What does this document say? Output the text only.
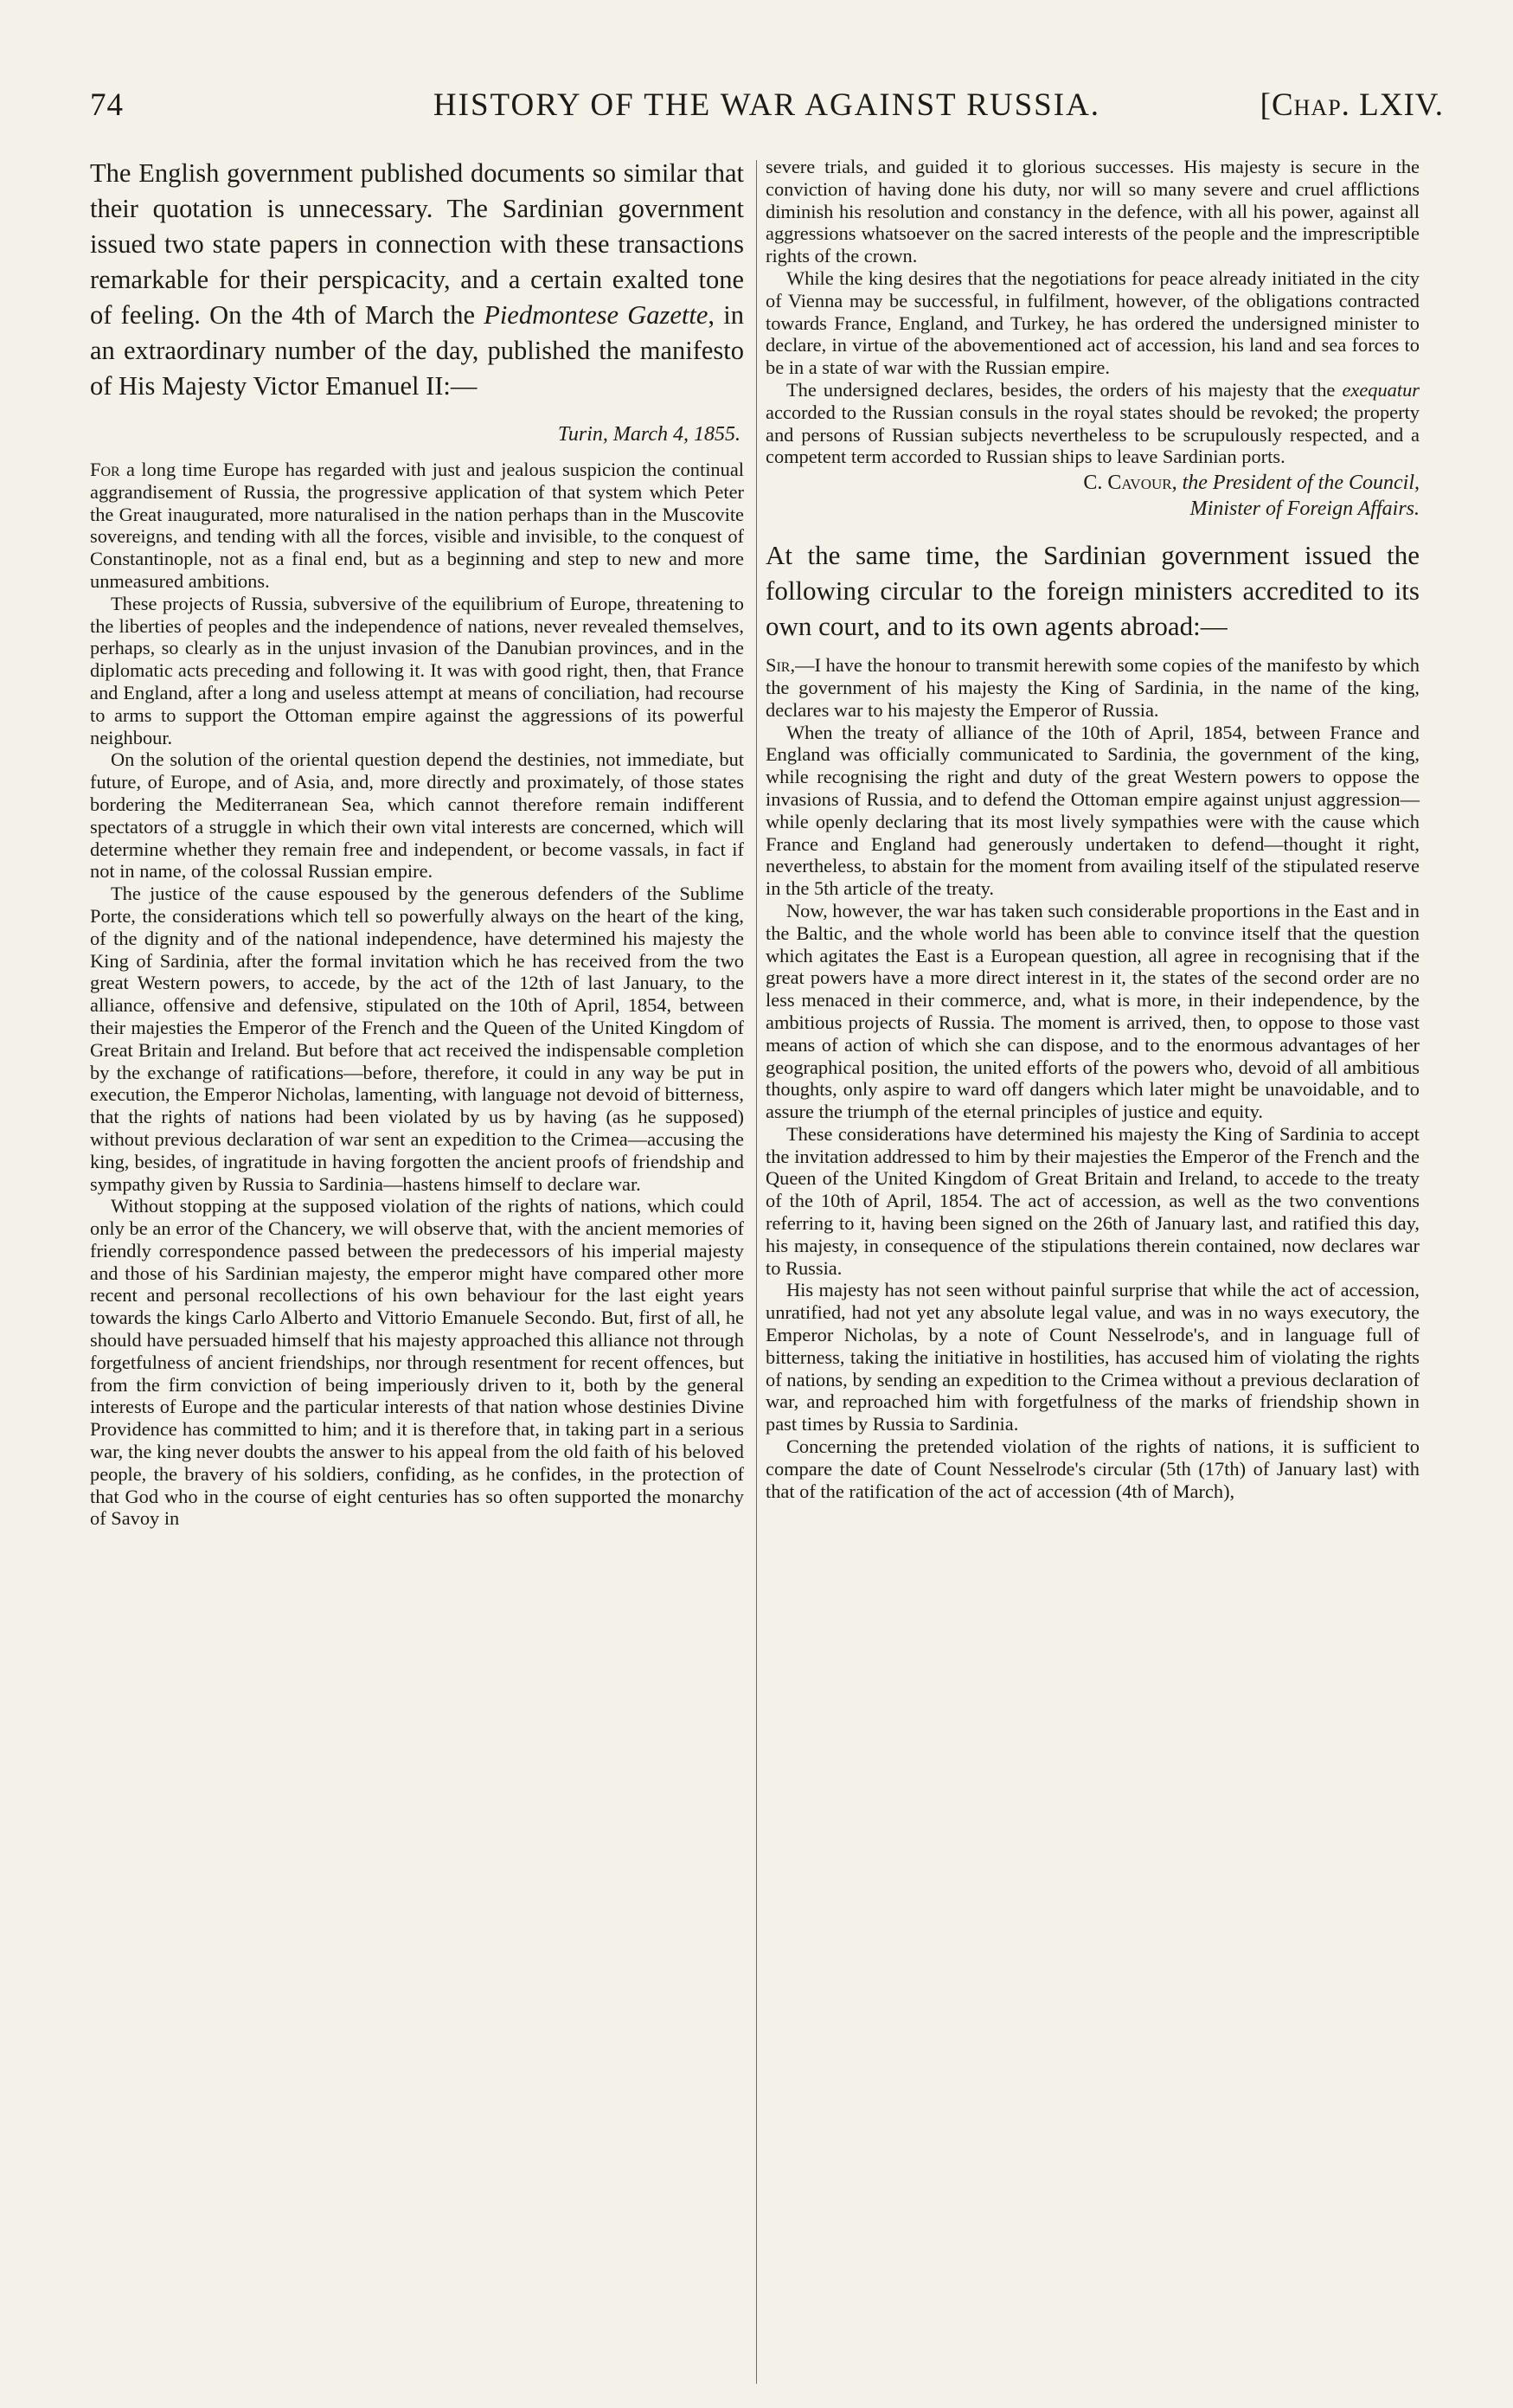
74	HISTORY OF THE WAR AGAINST RUSSIA.	[Chap. LXIV.

The English government published documents so similar that their quotation is unnecessary. The Sardinian government issued two state papers in connection with these transactions remarkable for their perspicacity, and a certain exalted tone of feeling. On the 4th of March the Piedmontese Gazette, in an extraordinary number of the day, published the manifesto of His Majesty Victor Emanuel II:—

Turin, March 4, 1855.

For a long time Europe has regarded with just and jealous suspicion the continual aggrandisement of Russia, the progressive application of that system which Peter the Great inaugurated, more naturalised in the nation perhaps than in the Muscovite sovereigns, and tending with all the forces, visible and invisible, to the conquest of Constantinople, not as a final end, but as a beginning and step to new and more unmeasured ambitions.

These projects of Russia, subversive of the equilibrium of Europe, threatening to the liberties of peoples and the independence of nations, never revealed themselves, perhaps, so clearly as in the unjust invasion of the Danubian provinces, and in the diplomatic acts preceding and following it. It was with good right, then, that France and England, after a long and useless attempt at means of conciliation, had recourse to arms to support the Ottoman empire against the aggressions of its powerful neighbour.

On the solution of the oriental question depend the destinies, not immediate, but future, of Europe, and of Asia, and, more directly and proximately, of those states bordering the Mediterranean Sea, which cannot therefore remain indifferent spectators of a struggle in which their own vital interests are concerned, which will determine whether they remain free and independent, or become vassals, in fact if not in name, of the colossal Russian empire.

The justice of the cause espoused by the generous defenders of the Sublime Porte, the considerations which tell so powerfully always on the heart of the king, of the dignity and of the national independence, have determined his majesty the King of Sardinia, after the formal invitation which he has received from the two great Western powers, to accede, by the act of the 12th of last January, to the alliance, offensive and defensive, stipulated on the 10th of April, 1854, between their majesties the Emperor of the French and the Queen of the United Kingdom of Great Britain and Ireland. But before that act received the indispensable completion by the exchange of ratifications—before, therefore, it could in any way be put in execution, the Emperor Nicholas, lamenting, with language not devoid of bitterness, that the rights of nations had been violated by us by having (as he supposed) without previous declaration of war sent an expedition to the Crimea—accusing the king, besides, of ingratitude in having forgotten the ancient proofs of friendship and sympathy given by Russia to Sardinia—hastens himself to declare war.

Without stopping at the supposed violation of the rights of nations, which could only be an error of the Chancery, we will observe that, with the ancient memories of friendly correspondence passed between the predecessors of his imperial majesty and those of his Sardinian majesty, the emperor might have compared other more recent and personal recollections of his own behaviour for the last eight years towards the kings Carlo Alberto and Vittorio Emanuele Secondo. But, first of all, he should have persuaded himself that his majesty approached this alliance not through forgetfulness of ancient friendships, nor through resentment for recent offences, but from the firm conviction of being imperiously driven to it, both by the general interests of Europe and the particular interests of that nation whose destinies Divine Providence has committed to him; and it is therefore that, in taking part in a serious war, the king never doubts the answer to his appeal from the old faith of his beloved people, the bravery of his soldiers, confiding, as he confides, in the protection of that God who in the course of eight centuries has so often supported the monarchy of Savoy in

severe trials, and guided it to glorious successes. His majesty is secure in the conviction of having done his duty, nor will so many severe and cruel afflictions diminish his resolution and constancy in the defence, with all his power, against all aggressions whatsoever on the sacred interests of the people and the imprescriptible rights of the crown.

While the king desires that the negotiations for peace already initiated in the city of Vienna may be successful, in fulfilment, however, of the obligations contracted towards France, England, and Turkey, he has ordered the undersigned minister to declare, in virtue of the abovementioned act of accession, his land and sea forces to be in a state of war with the Russian empire.

The undersigned declares, besides, the orders of his majesty that the exequatur accorded to the Russian consuls in the royal states should be revoked; the property and persons of Russian subjects nevertheless to be scrupulously respected, and a competent term accorded to Russian ships to leave Sardinian ports.

C. Cavour, the President of the Council,
Minister of Foreign Affairs.

At the same time, the Sardinian government issued the following circular to the foreign ministers accredited to its own court, and to its own agents abroad:—

Sir,—I have the honour to transmit herewith some copies of the manifesto by which the government of his majesty the King of Sardinia, in the name of the king, declares war to his majesty the Emperor of Russia.

When the treaty of alliance of the 10th of April, 1854, between France and England was officially communicated to Sardinia, the government of the king, while recognising the right and duty of the great Western powers to oppose the invasions of Russia, and to defend the Ottoman empire against unjust aggression—while openly declaring that its most lively sympathies were with the cause which France and England had generously undertaken to defend—thought it right, nevertheless, to abstain for the moment from availing itself of the stipulated reserve in the 5th article of the treaty.

Now, however, the war has taken such considerable proportions in the East and in the Baltic, and the whole world has been able to convince itself that the question which agitates the East is a European question, all agree in recognising that if the great powers have a more direct interest in it, the states of the second order are no less menaced in their commerce, and, what is more, in their independence, by the ambitious projects of Russia. The moment is arrived, then, to oppose to those vast means of action of which she can dispose, and to the enormous advantages of her geographical position, the united efforts of the powers who, devoid of all ambitious thoughts, only aspire to ward off dangers which later might be unavoidable, and to assure the triumph of the eternal principles of justice and equity.

These considerations have determined his majesty the King of Sardinia to accept the invitation addressed to him by their majesties the Emperor of the French and the Queen of the United Kingdom of Great Britain and Ireland, to accede to the treaty of the 10th of April, 1854. The act of accession, as well as the two conventions referring to it, having been signed on the 26th of January last, and ratified this day, his majesty, in consequence of the stipulations therein contained, now declares war to Russia.

His majesty has not seen without painful surprise that while the act of accession, unratified, had not yet any absolute legal value, and was in no ways executory, the Emperor Nicholas, by a note of Count Nesselrode's, and in language full of bitterness, taking the initiative in hostilities, has accused him of violating the rights of nations, by sending an expedition to the Crimea without a previous declaration of war, and reproached him with forgetfulness of the marks of friendship shown in past times by Russia to Sardinia.

Concerning the pretended violation of the rights of nations, it is sufficient to compare the date of Count Nesselrode's circular (5th (17th) of January last) with that of the ratification of the act of accession (4th of March),
